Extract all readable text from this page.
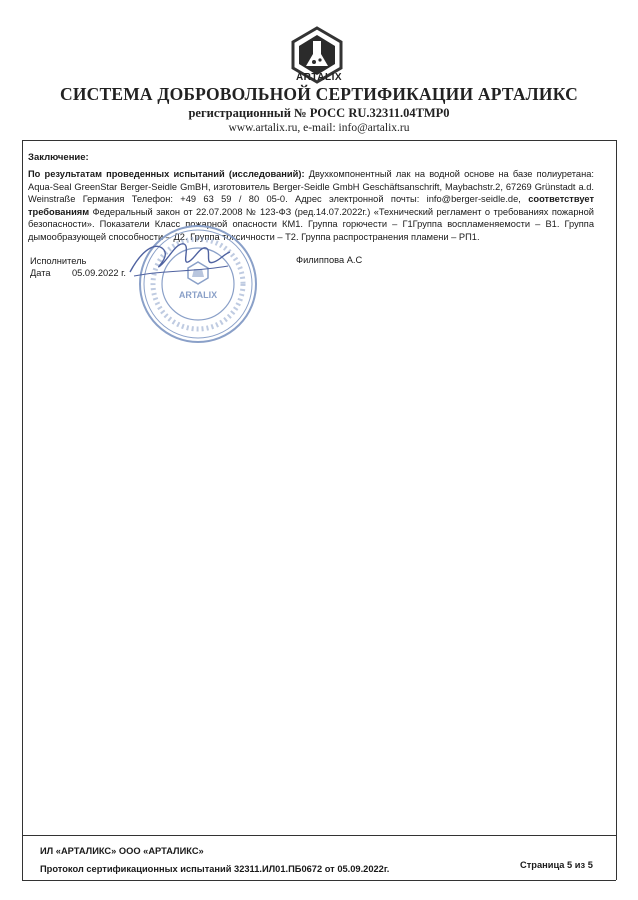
ARTALIX
СИСТЕМА ДОБРОВОЛЬНОЙ СЕРТИФИКАЦИИ АРТАЛИКС
регистрационный № РОСС RU.32311.04ТМР0
www.artalix.ru, e-mail: info@artalix.ru
Заключение:
По результатам проведенных испытаний (исследований): Двухкомпонентный лак на водной основе на базе полиуретана: Aqua-Seal GreenStar Berger-Seidle GmBH, изготовитель Berger-Seidle GmbH Geschäftsanschrift, Maybachstr.2, 67269 Grünstadt a.d. Weinstraße Германия Телефон: +49 63 59 / 80 05-0. Адрес электронной почты: info@berger-seidle.de, соответствует требованиям Федеральный закон от 22.07.2008 № 123-ФЗ (ред.14.07.2022г.) «Технический регламент о требованиях пожарной безопасности». Показатели Класс пожарной опасности КМ1. Группа горючести – Г1Группа воспламеняемости – В1. Группа дымообразующей способности – Д2. Группа токсичности – Т2. Группа распространения пламени – РП1.
ARTALIX
Исполнитель
Дата 05.09.2022 г.
Филиппова А.С
ИЛ «АРТАЛИКС» ООО «АРТАЛИКС»
Протокол сертификационных испытаний 32311.ИЛ01.ПБ0672 от 05.09.2022г.	Страница 5 из 5
